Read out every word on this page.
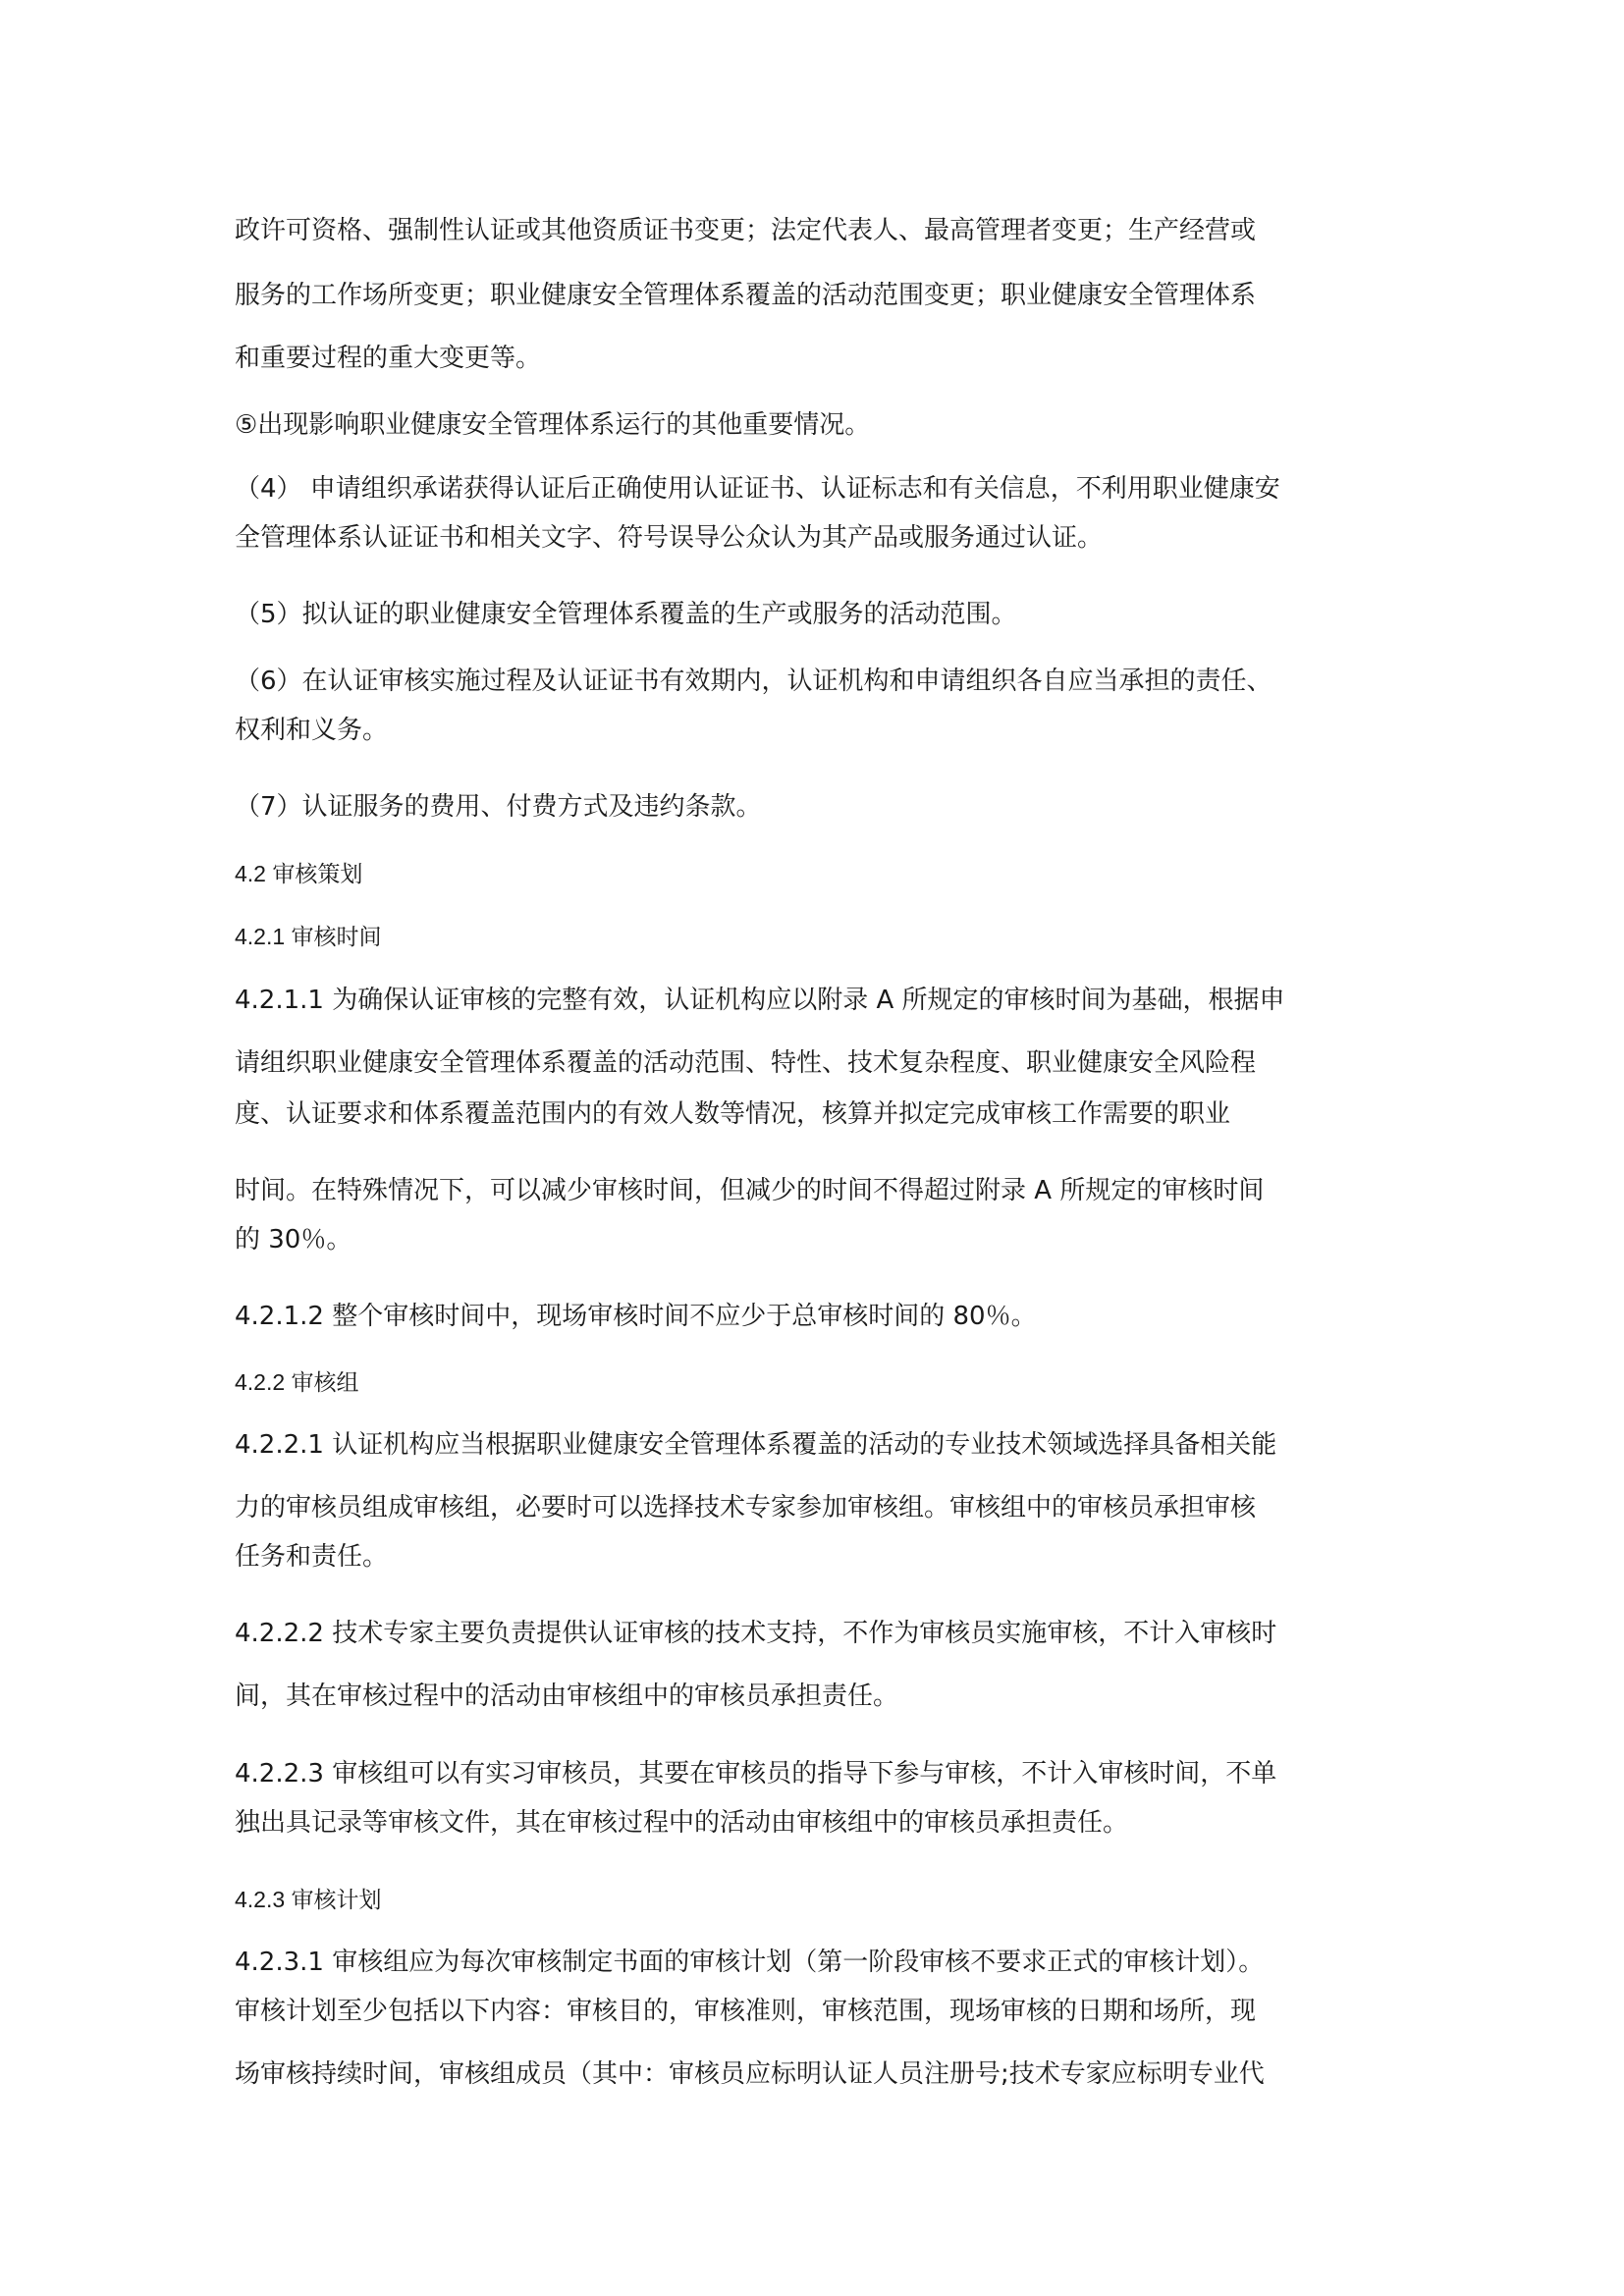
政许可资格、强制性认证或其他资质证书变更；法定代表人、最高管理者变更；生产经营或
服务的工作场所变更；职业健康安全管理体系覆盖的活动范围变更；职业健康安全管理体系
和重要过程的重大变更等。
⑤出现影响职业健康安全管理体系运行的其他重要情况。
（4） 申请组织承诺获得认证后正确使用认证证书、认证标志和有关信息，不利用职业健康安
全管理体系认证证书和相关文字、符号误导公众认为其产品或服务通过认证。
（5）拟认证的职业健康安全管理体系覆盖的生产或服务的活动范围。
（6）在认证审核实施过程及认证证书有效期内，认证机构和申请组织各自应当承担的责任、
权利和义务。
（7）认证服务的费用、付费方式及违约条款。
4.2 审核策划
4.2.1 审核时间
4.2.1.1 为确保认证审核的完整有效，认证机构应以附录 A 所规定的审核时间为基础，根据申
请组织职业健康安全管理体系覆盖的活动范围、特性、技术复杂程度、职业健康安全风险程
度、认证要求和体系覆盖范围内的有效人数等情况，核算并拟定完成审核工作需要的职业
时间。在特殊情况下，可以减少审核时间，但减少的时间不得超过附录 A 所规定的审核时间
的 30％。
4.2.1.2 整个审核时间中，现场审核时间不应少于总审核时间的 80％。
4.2.2 审核组
4.2.2.1 认证机构应当根据职业健康安全管理体系覆盖的活动的专业技术领域选择具备相关能
力的审核员组成审核组，必要时可以选择技术专家参加审核组。审核组中的审核员承担审核
任务和责任。
4.2.2.2 技术专家主要负责提供认证审核的技术支持，不作为审核员实施审核，不计入审核时
间，其在审核过程中的活动由审核组中的审核员承担责任。
4.2.2.3 审核组可以有实习审核员，其要在审核员的指导下参与审核，不计入审核时间，不单
独出具记录等审核文件，其在审核过程中的活动由审核组中的审核员承担责任。
4.2.3 审核计划
4.2.3.1 审核组应为每次审核制定书面的审核计划（第一阶段审核不要求正式的审核计划）。
审核计划至少包括以下内容：审核目的，审核准则，审核范围，现场审核的日期和场所，现
场审核持续时间，审核组成员（其中：审核员应标明认证人员注册号;技术专家应标明专业代
